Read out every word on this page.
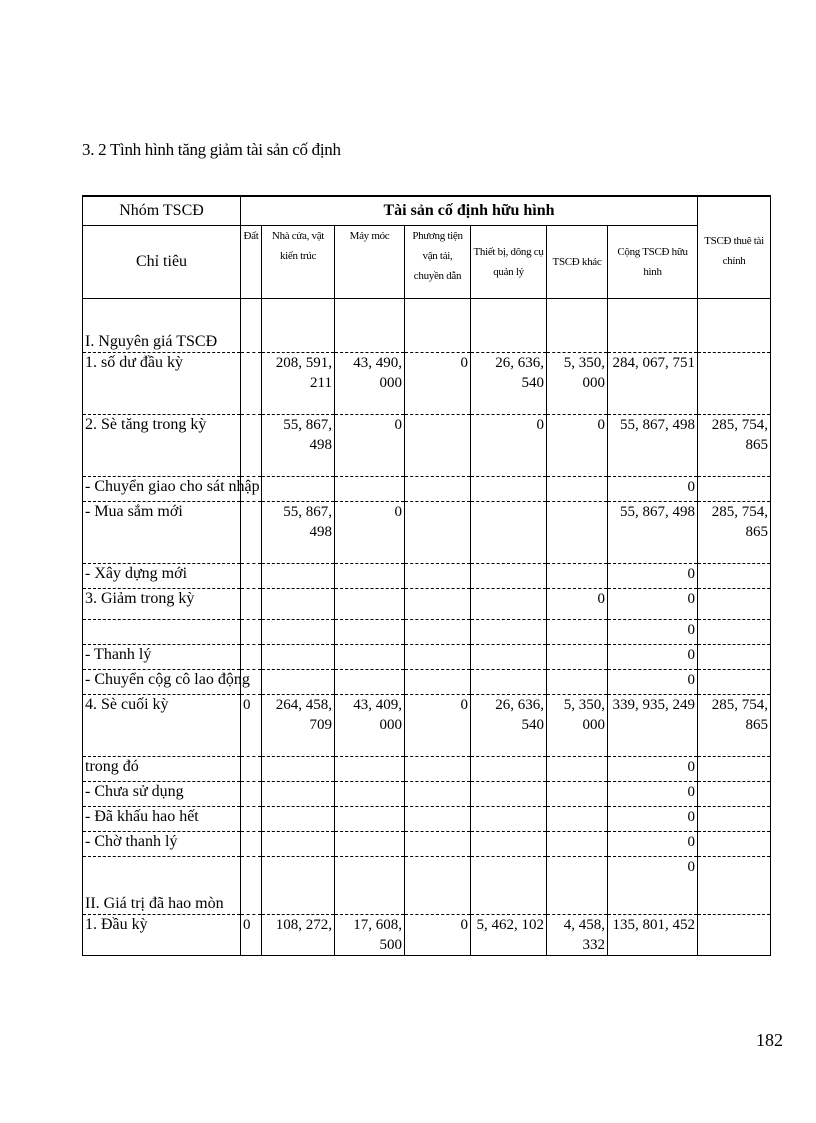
3. 2 Tình hình tăng giảm tài sản cố định
Nhóm TSCĐ	Tài sản cố định hữu hình							TSCĐ thuê tài chính
Chỉ tiêu	Đất	Nhà cửa, vật kiến trúc	Máy móc	Phương tiện vận tải, chuyền dẫn	Thiết bị, dông cụ quản lý	TSCĐ khác	Cộng TSCĐ hữu hình	
I. Nguyên giá TSCĐ								
1. số dư đầu kỳ		208, 591, 211	43, 490, 000	0	26, 636, 540	5, 350, 000	284, 067, 751	
2. Sè tăng trong kỳ		55, 867, 498	0		0	0	55, 867, 498	285, 754, 865
- Chuyển giao cho sát nhập							0	
- Mua sắm mới		55, 867, 498	0				55, 867, 498	285, 754, 865
- Xây dựng mới							0	
3. Giảm trong kỳ						0	0	
							0	
- Thanh lý							0	
- Chuyển cộg cô lao động							0	
4. Sè cuối kỳ	0	264, 458, 709	43, 409, 000	0	26, 636, 540	5, 350, 000	339, 935, 249	285, 754, 865
trong đó							0	
- Chưa sử dụng							0	
- Đã khấu hao hết							0	
- Chờ thanh lý							0	
II. Giá trị đã hao mòn							0	
1. Đầu kỳ	0	108, 272,	17, 608, 500	0	5, 462, 102	4, 458, 332	135, 801, 452	
182
